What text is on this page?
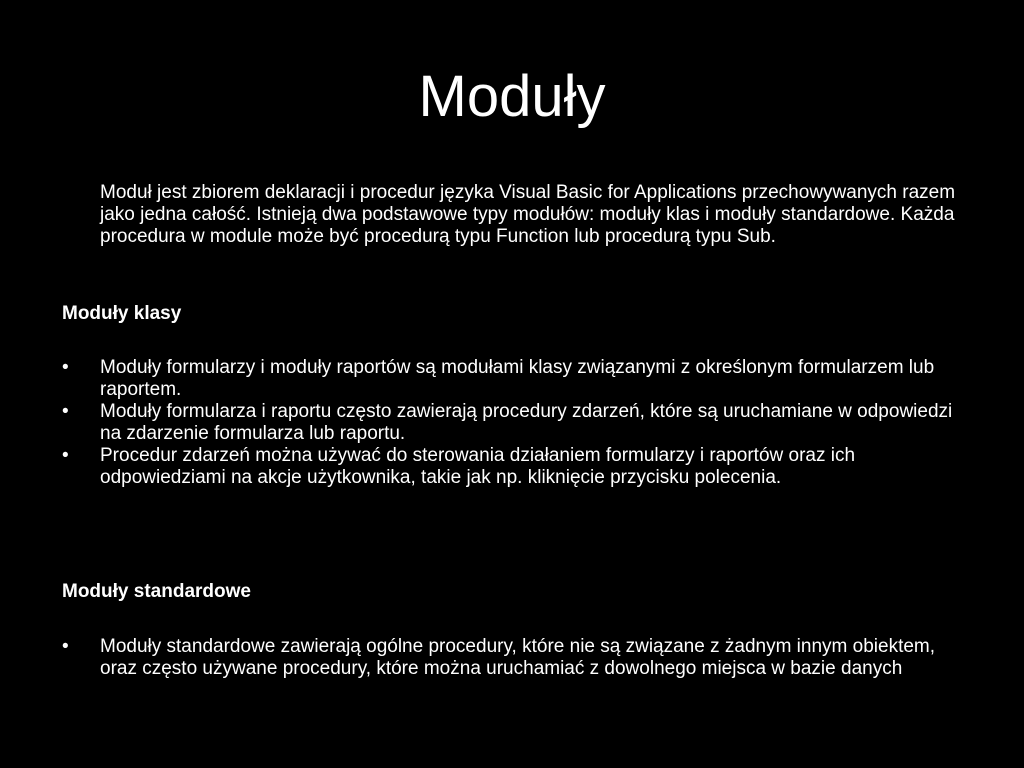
Moduły

Moduł jest zbiorem deklaracji i procedur języka Visual Basic for Applications przechowywanych razem jako jedna całość. Istnieją dwa podstawowe typy modułów: moduły klas i moduły standardowe. Każda procedura w module może być procedurą typu Function lub procedurą typu Sub.

Moduły klasy
•	Moduły formularzy i moduły raportów są modułami klasy związanymi z określonym formularzem lub raportem.
•	Moduły formularza i raportu często zawierają procedury zdarzeń, które są uruchamiane w odpowiedzi na zdarzenie formularza lub raportu.
•	Procedur zdarzeń można używać do sterowania działaniem formularzy i raportów oraz ich odpowiedziami na akcje użytkownika, takie jak np. kliknięcie przycisku polecenia.
Moduły standardowe
•	Moduły standardowe zawierają ogólne procedury, które nie są związane z żadnym innym obiektem, oraz często używane procedury, które można uruchamiać z dowolnego miejsca w bazie danych
